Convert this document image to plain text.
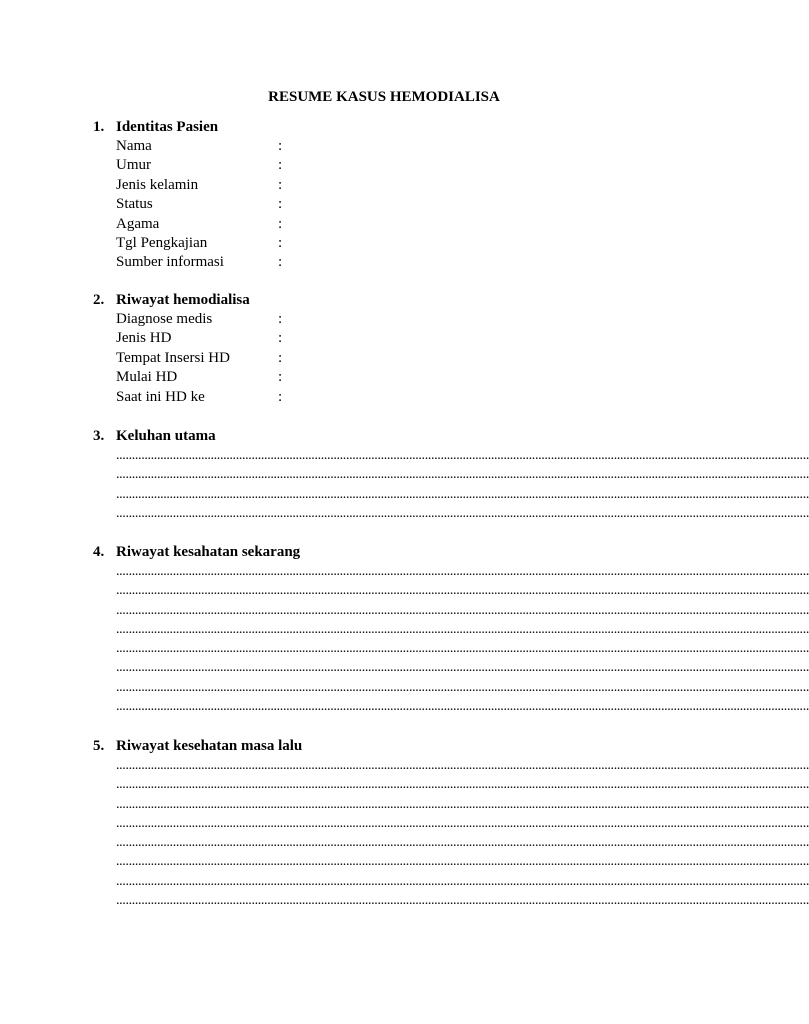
RESUME KASUS HEMODIALISA
1. Identitas Pasien
Nama	:
Umur	:
Jenis kelamin	:
Status	:
Agama	:
Tgl Pengkajian	:
Sumber informasi	:
2. Riwayat hemodialisa
Diagnose medis	:
Jenis HD	:
Tempat Insersi HD	:
Mulai HD	:
Saat ini HD ke	:
3. Keluhan utama
............................................................................................................................................................................................................................
............................................................................................................................................................................................................................
............................................................................................................................................................................................................................
............................................................................................................................................................................................................................
4. Riwayat kesahatan sekarang
............................................................................................................................................................................................................................
............................................................................................................................................................................................................................
............................................................................................................................................................................................................................
............................................................................................................................................................................................................................
............................................................................................................................................................................................................................
............................................................................................................................................................................................................................
............................................................................................................................................................................................................................
............................................................................................................................................................................................................................
5. Riwayat kesehatan masa lalu
............................................................................................................................................................................................................................
............................................................................................................................................................................................................................
............................................................................................................................................................................................................................
............................................................................................................................................................................................................................
............................................................................................................................................................................................................................
............................................................................................................................................................................................................................
............................................................................................................................................................................................................................
............................................................................................................................................................................................................................
